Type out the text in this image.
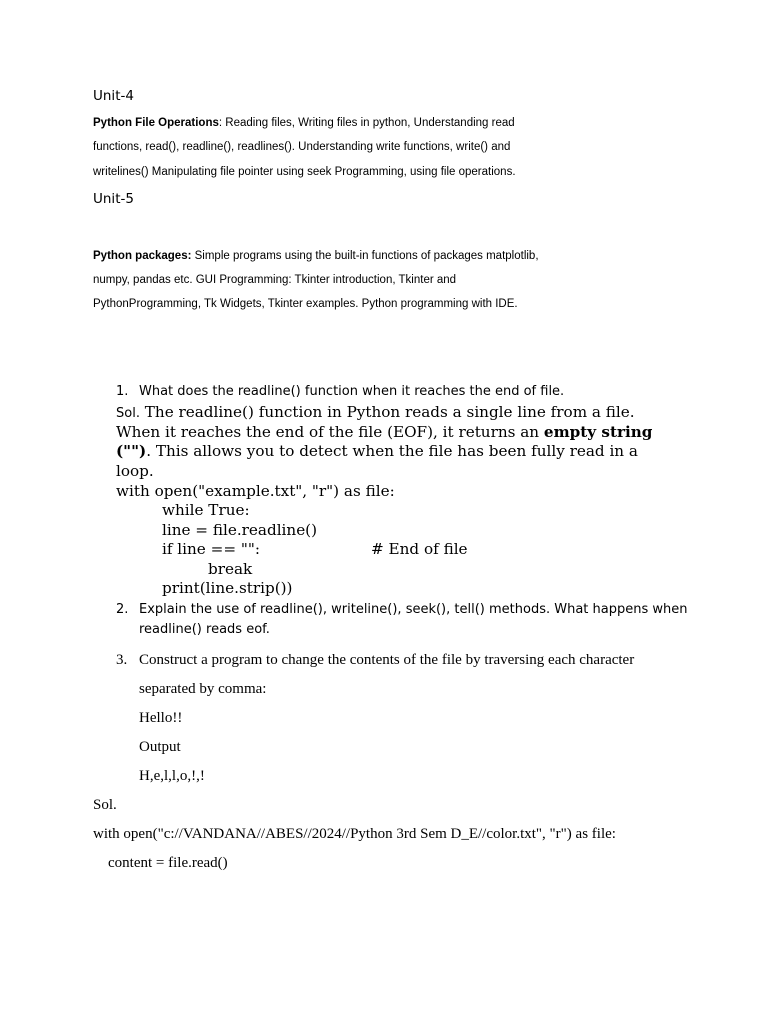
Unit-4
Python File Operations: Reading files, Writing files in python, Understanding read
functions, read(), readline(), readlines(). Understanding write functions, write() and
writelines() Manipulating file pointer using seek Programming, using file operations.
Unit-5
Python packages: Simple programs using the built-in functions of packages matplotlib,
numpy, pandas etc. GUI Programming: Tkinter introduction, Tkinter and
PythonProgramming, Tk Widgets, Tkinter examples. Python programming with IDE.
1. What does the readline() function when it reaches the end of file.
Sol. The readline() function in Python reads a single line from a file.
When it reaches the end of the file (EOF), it returns an empty string
(""). This allows you to detect when the file has been fully read in a
loop.
with open("example.txt", "r") as file:
while True:
line = file.readline()
if line == "":	# End of file
break
print(line.strip())
2. Explain the use of readline(), writeline(), seek(), tell() methods. What happens when
readline() reads eof.
3. Construct a program to change the contents of the file by traversing each character
separated by comma:
Hello!!
Output
H,e,l,l,o,!,!
Sol.
with open("c://VANDANA//ABES//2024//Python 3rd Sem D_E//color.txt", "r") as file:
content = file.read()
